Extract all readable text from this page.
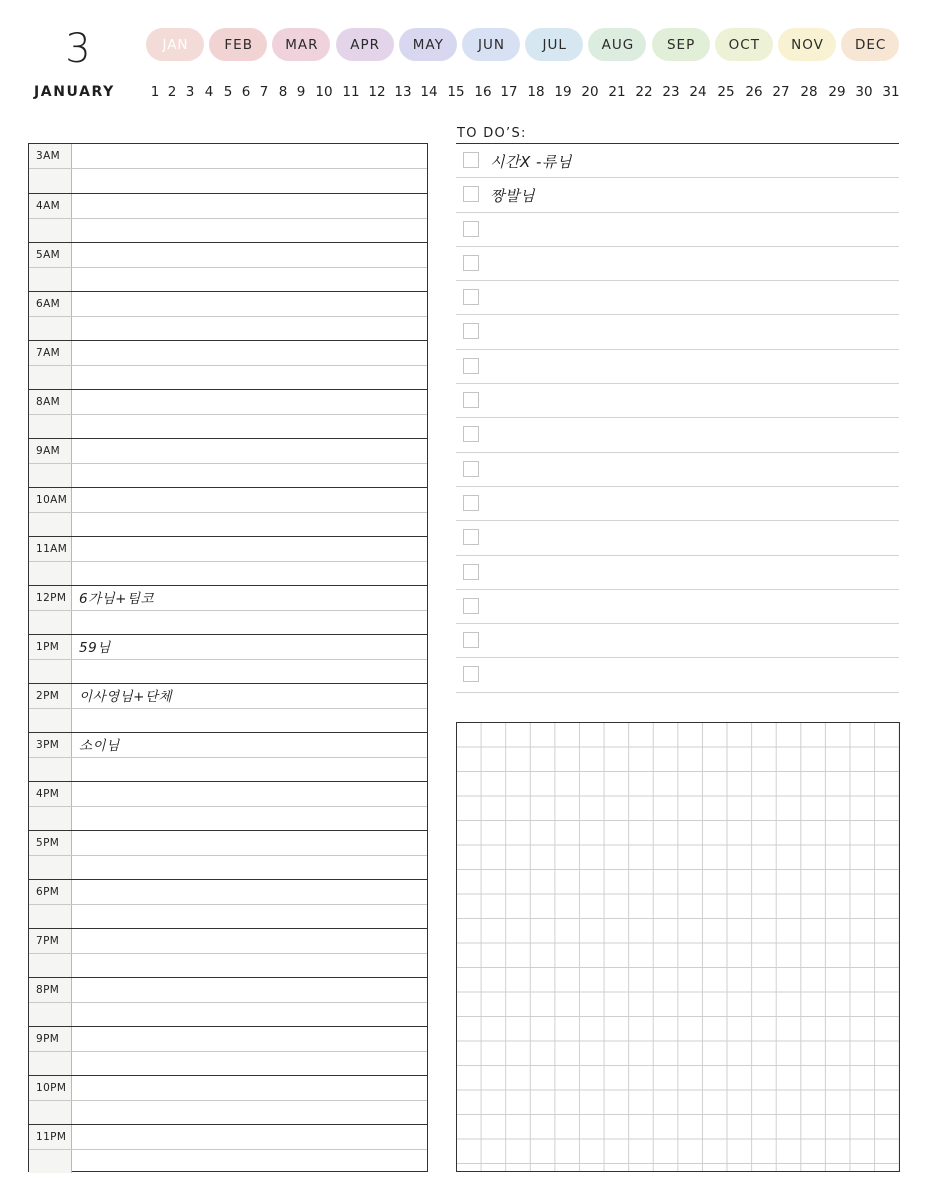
3	JAN	FEB	MAR	APR	MAY	JUN	JUL	AUG	SEP	OCT	NOV	DEC
JANUARY	1 2 3 4 5 6 7 8 9 10 11 12 13 14 15 16 17 18 19 20 21 22 23 24 25 26 27 28 29 30 31
3AM
4AM
5AM
6AM
7AM
8AM
9AM
10AM
11AM
12PM 6가님+팀코
1PM 59님
2PM 이사영님+단체
3PM 소이님
4PM
5PM
6PM
7PM
8PM
9PM
10PM
11PM
TO DO’S:
시간X -류님
짱발님
